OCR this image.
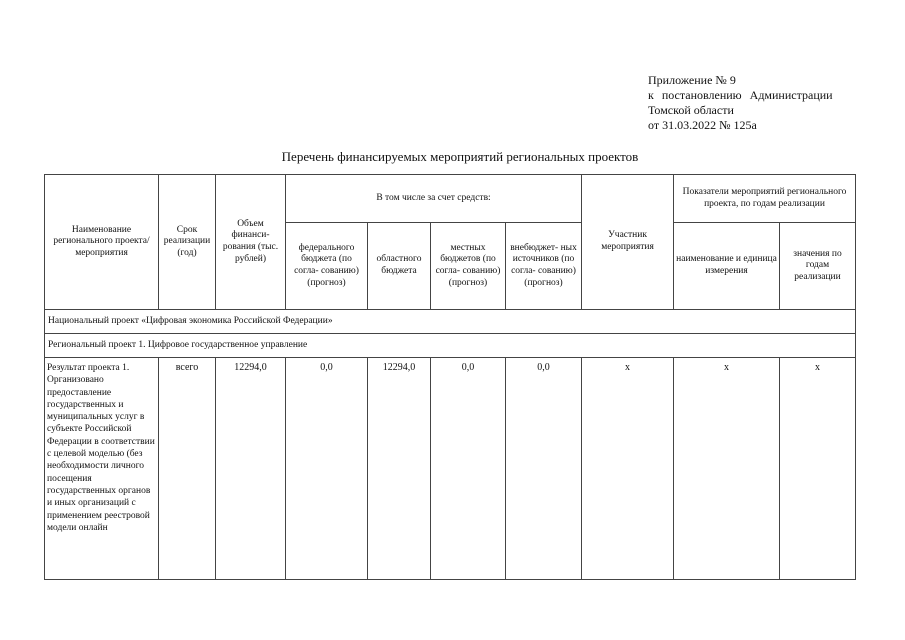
Приложение № 9
к постановлению Администрации
Томской области
от 31.03.2022 № 125а
Перечень финансируемых мероприятий региональных проектов
Наименование регионального проекта/ мероприятия	Срок реализации (год)	Объем финанси- рования (тыс. рублей)	В том числе за счет средств:				Участник мероприятия	Показатели мероприятий регионального проекта, по годам реализации	
			федерального бюджета (по согла- сованию) (прогноз)	областного бюджета	местных бюджетов (по согла- сованию) (прогноз)	внебюджет- ных источников (по согла- сованию) (прогноз)		наименование и единица измерения	значения по годам реализации
Национальный проект «Цифровая экономика Российской Федерации»									
Региональный проект 1. Цифровое государственное управление									
Результат проекта 1. Организовано предоставление государственных и муниципальных услуг в субъекте Российской Федерации в соответствии с целевой моделью (без необходимости личного посещения государственных органов и иных организаций с применением реестровой модели онлайн	всего	12294,0	0,0	12294,0	0,0	0,0	x	x	x
